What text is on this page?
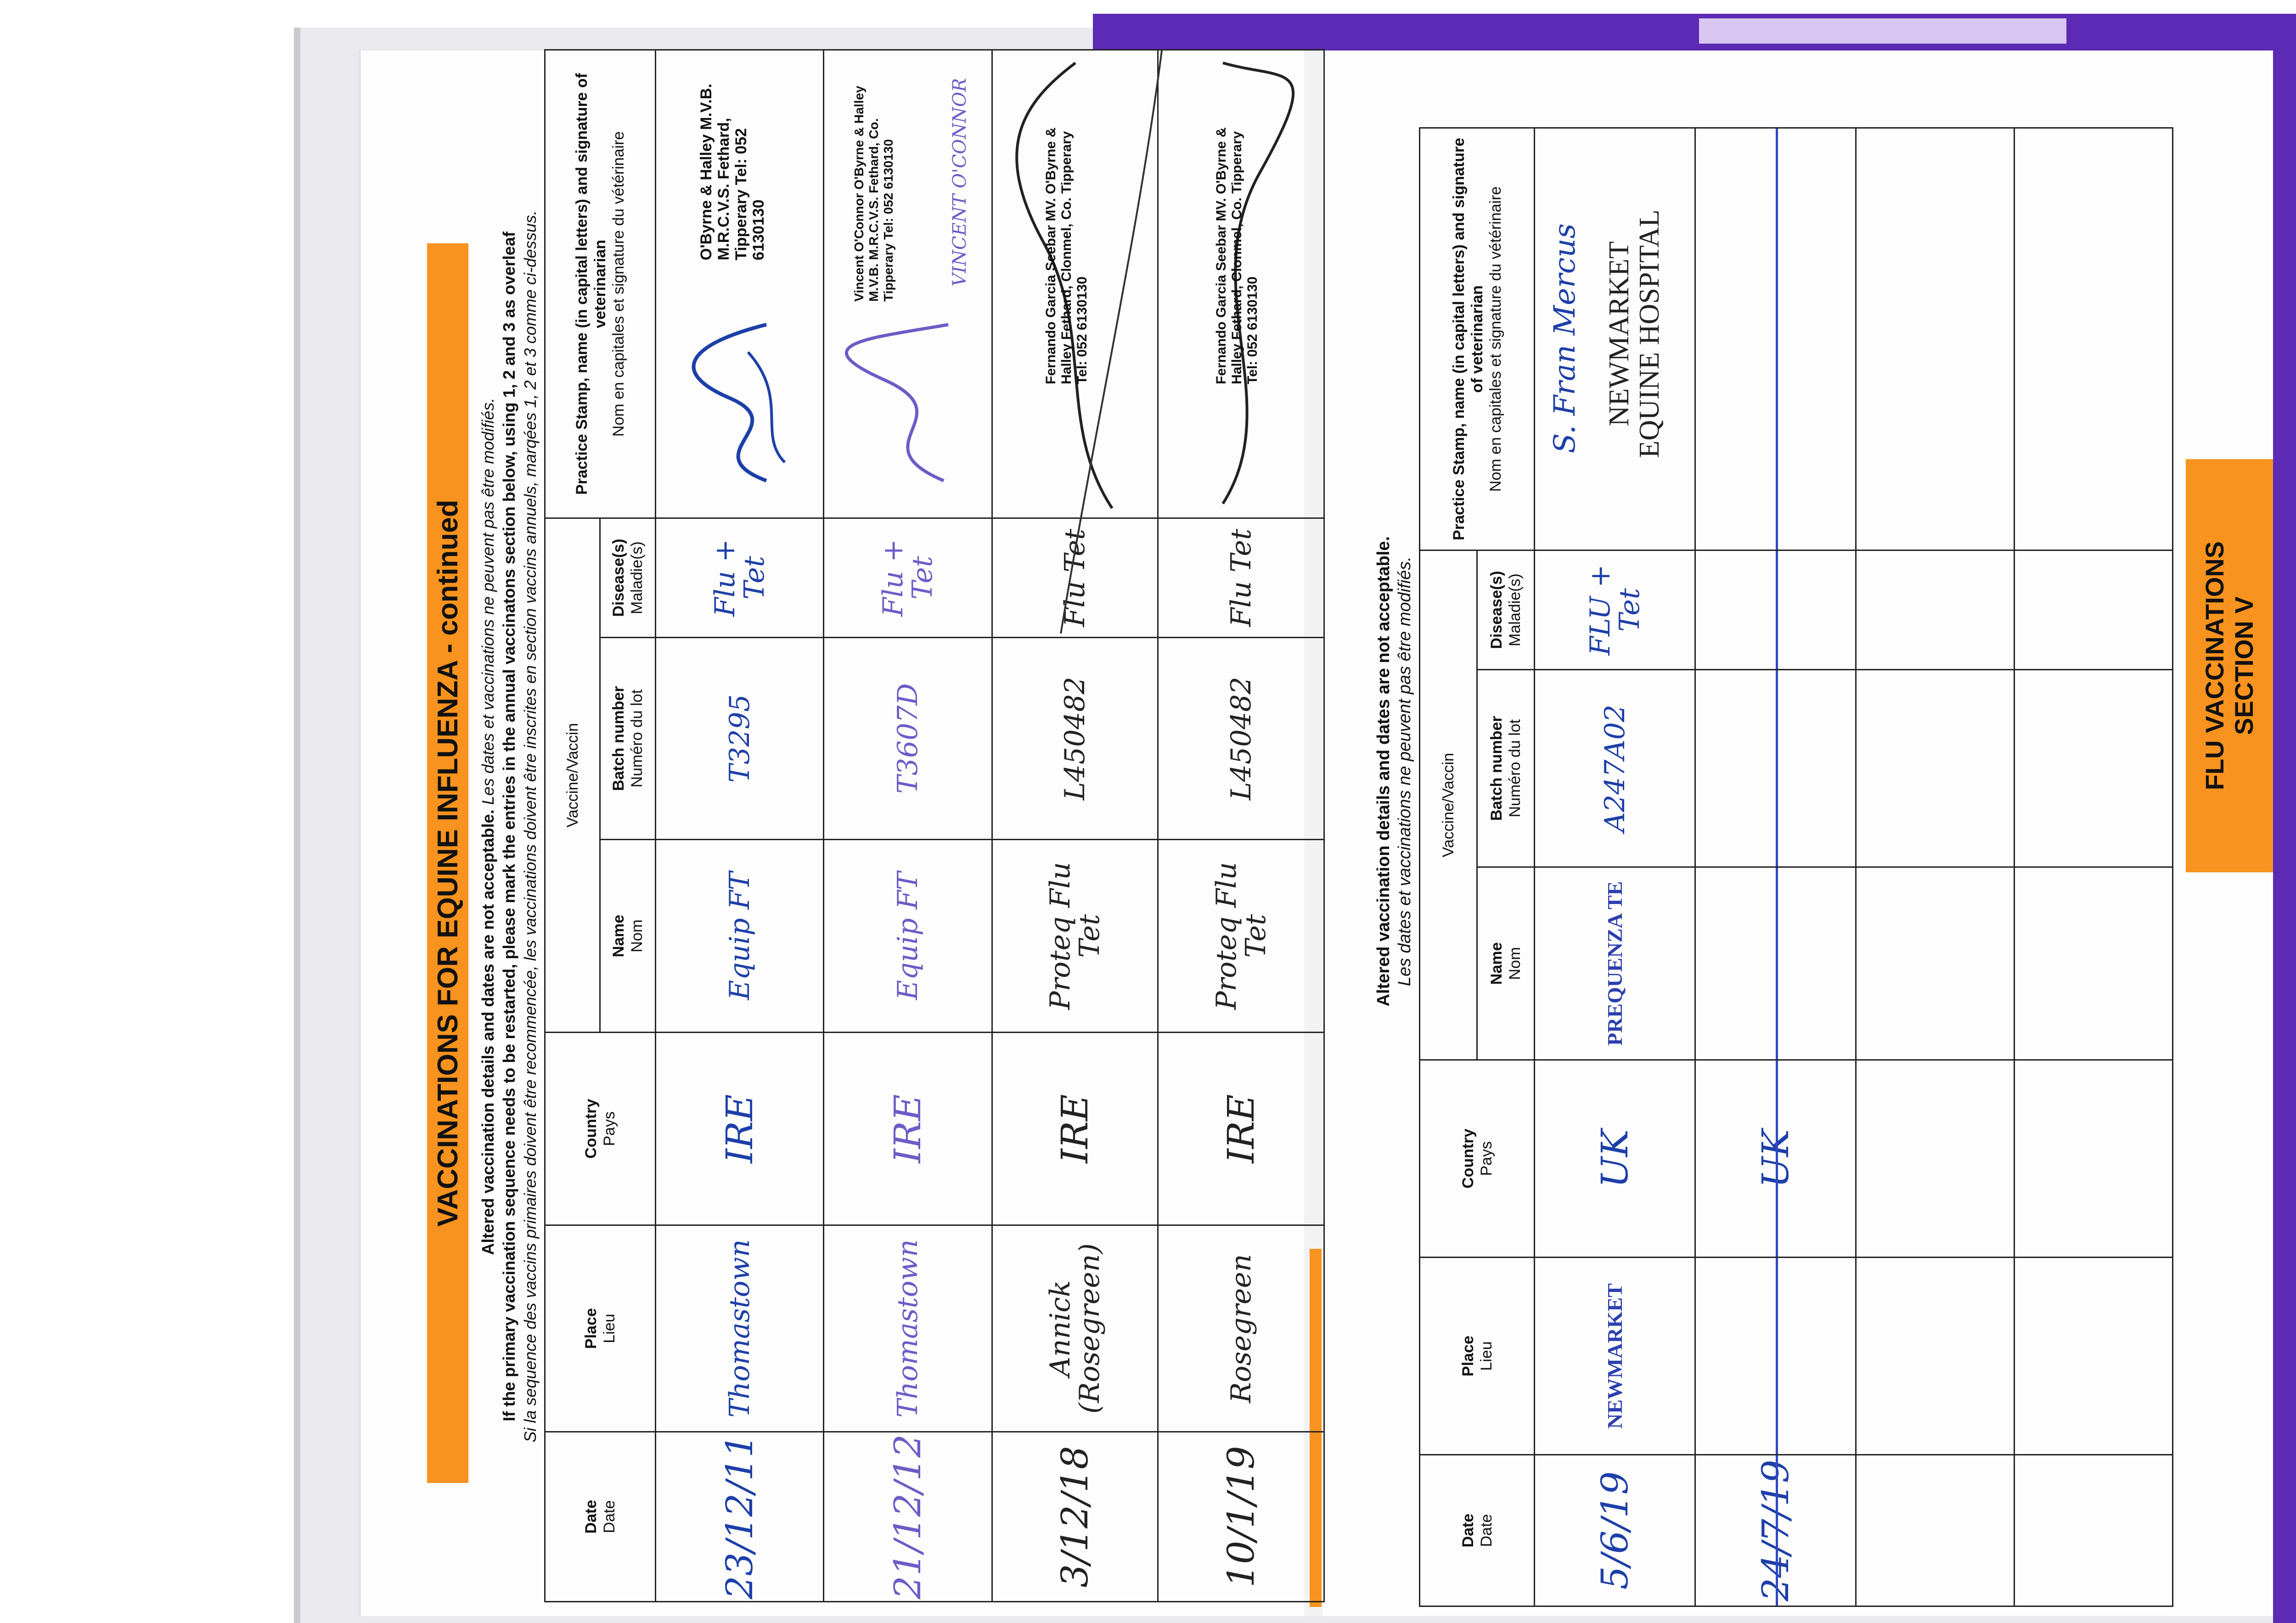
VACCINATIONS FOR EQUINE INFLUENZA - continued Altered vaccination details and dates are not acceptable. Les dates et vaccinations ne peuvent pas être modifiés. If the primary vaccination sequence needs to be restarted, please mark the entries in the annual vaccinatons section below, using 1, 2 and 3 as overleaf Si la sequence des vaccins primaires doivent être recommencée, les vaccinations doivent être inscrites en section vaccins annuels, marqées 1, 2 et 3 comme ci-dessus.
Date
Date	Place
Lieu	Country
Pays	Vaccine/Vaccin			Practice Stamp, name (in capital letters) and signature of veterinarian
Nom en capitales et signature du vétérinaire
			Name
Nom	Batch number
Numéro du lot	Disease(s)
Maladie(s)	

23/12/11	Thomastown	IRE	Equip FT	T3295	Flu + Tet	O'Byrne & Halley M.V.B. M.R.C.V.S. Fethard, Tipperary Tel: 052 6130130

21/12/12	Thomastown	IRE	Equip FT	T3607D	Flu + Tet	Vincent O'Connor O'Byrne & Halley M.V.B. M.R.C.V.S. Fethard, Co. Tipperary Tel: 052 6130130 VINCENT O'CONNOR

3/12/18	Annick (Rosegreen)	IRE	Proteq Flu Tet	L450482	Flu Tet	Fernando Garcia Seebar MV. O'Byrne & Halley Fethard, Clonmel, Co. Tipperary Tel: 052 6130130

10/1/19	Rosegreen	IRE	Proteq Flu Tet	L450482	Flu Tet	Fernando Garcia Seebar MV. O'Byrne & Halley Fethard, Clonmel, Co. Tipperary Tel: 052 6130130
Altered vaccination details and dates are not acceptable. Les dates et vaccinations ne peuvent pas être modifiés.
Date
Date	Place
Lieu	Country
Pays	Vaccine/Vaccin			Practice Stamp, name (in capital letters) and signature of veterinarian
Nom en capitales et signature du vétérinaire
			Name
Nom	Batch number
Numéro du lot	Disease(s)
Maladie(s)	

5/6/19	NEWMARKET	UK	PREQUENZA TE	A247A02	FLU + Tet	S. Fran Mercus NEWMARKET
EQUINE HOSPITAL

24/7/19		UK				

FLU VACCINATIONS SECTION V
